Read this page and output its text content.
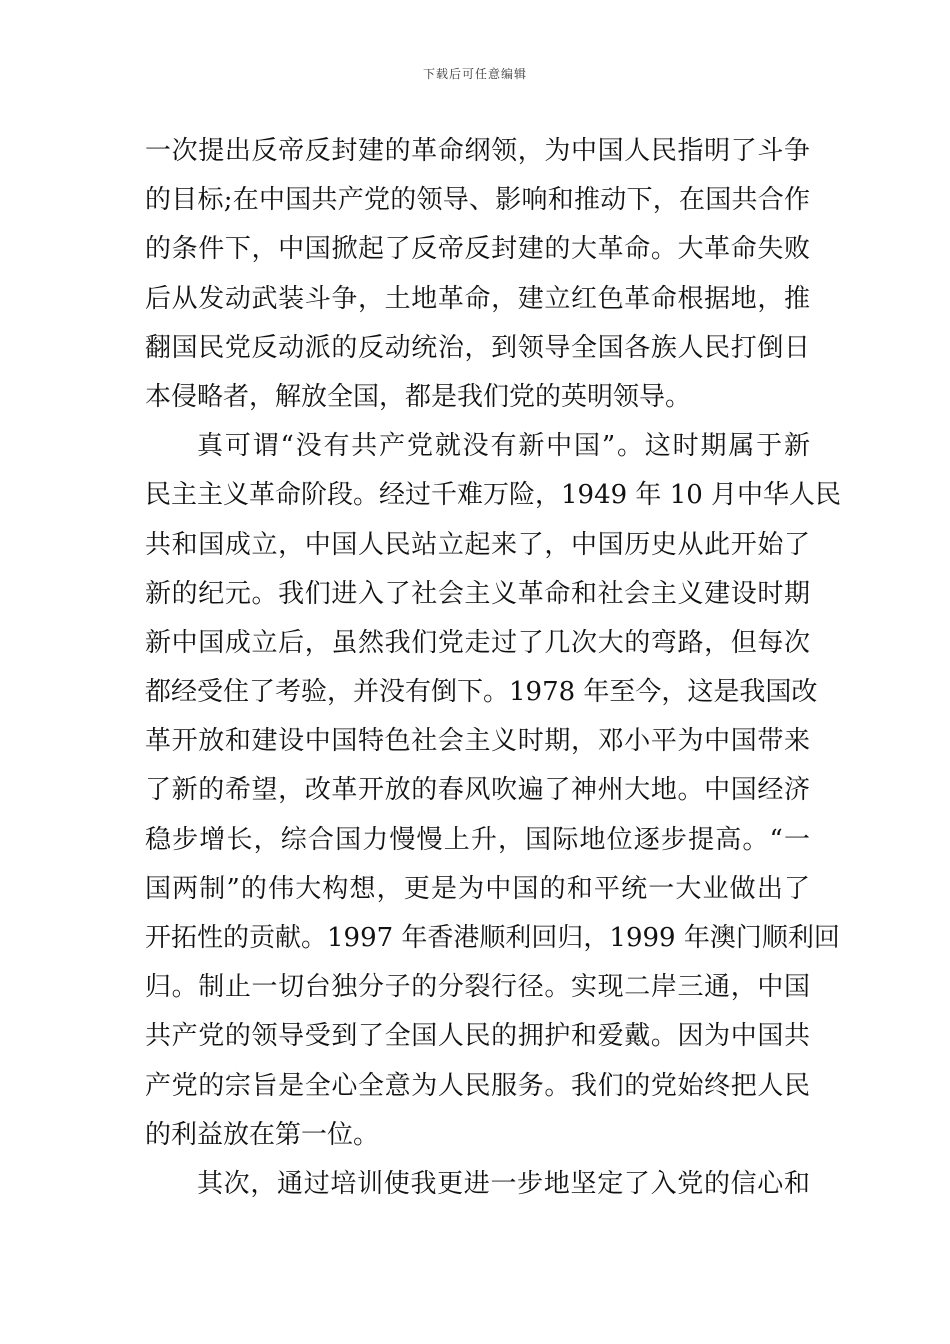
下载后可任意编辑
一次提出反帝反封建的革命纲领，为中国人民指明了斗争
的目标;在中国共产党的领导、影响和推动下，在国共合作
的条件下，中国掀起了反帝反封建的大革命。大革命失败
后从发动武装斗争，土地革命，建立红色革命根据地，推
翻国民党反动派的反动统治，到领导全国各族人民打倒日
本侵略者，解放全国，都是我们党的英明领导。
真可谓“没有共产党就没有新中国”。这时期属于新
民主主义革命阶段。经过千难万险，1949 年 10 月中华人民
共和国成立，中国人民站立起来了，中国历史从此开始了
新的纪元。我们进入了社会主义革命和社会主义建设时期
新中国成立后，虽然我们党走过了几次大的弯路，但每次
都经受住了考验，并没有倒下。1978 年至今，这是我国改
革开放和建设中国特色社会主义时期，邓小平为中国带来
了新的希望，改革开放的春风吹遍了神州大地。中国经济
稳步增长，综合国力慢慢上升，国际地位逐步提高。“一
国两制”的伟大构想，更是为中国的和平统一大业做出了
开拓性的贡献。1997 年香港顺利回归，1999 年澳门顺利回
归。制止一切台独分子的分裂行径。实现二岸三通，中国
共产党的领导受到了全国人民的拥护和爱戴。因为中国共
产党的宗旨是全心全意为人民服务。我们的党始终把人民
的利益放在第一位。
其次，通过培训使我更进一步地坚定了入党的信心和
